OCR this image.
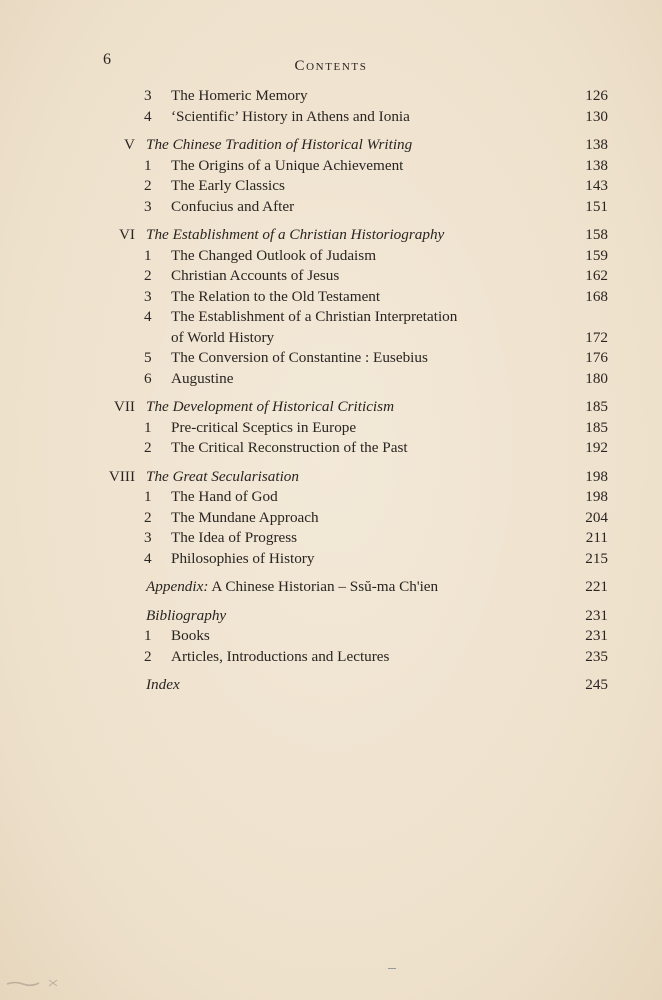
6	Contents
3 The Homeric Memory	126
4 ‘Scientific’ History in Athens and Ionia	130
V The Chinese Tradition of Historical Writing	138
1 The Origins of a Unique Achievement	138
2 The Early Classics	143
3 Confucius and After	151
VI The Establishment of a Christian Historiography	158
1 The Changed Outlook of Judaism	159
2 Christian Accounts of Jesus	162
3 The Relation to the Old Testament	168
4 The Establishment of a Christian Interpretation
of World History	172
5 The Conversion of Constantine : Eusebius	176
6 Augustine	180
VII The Development of Historical Criticism	185
1 Pre-critical Sceptics in Europe	185
2 The Critical Reconstruction of the Past	192
VIII The Great Secularisation	198
1 The Hand of God	198
2 The Mundane Approach	204
3 The Idea of Progress	211
4 Philosophies of History	215
Appendix: A Chinese Historian – Ssŭ-ma Ch'ien	221
Bibliography	231
1 Books	231
2 Articles, Introductions and Lectures	235
Index	245
